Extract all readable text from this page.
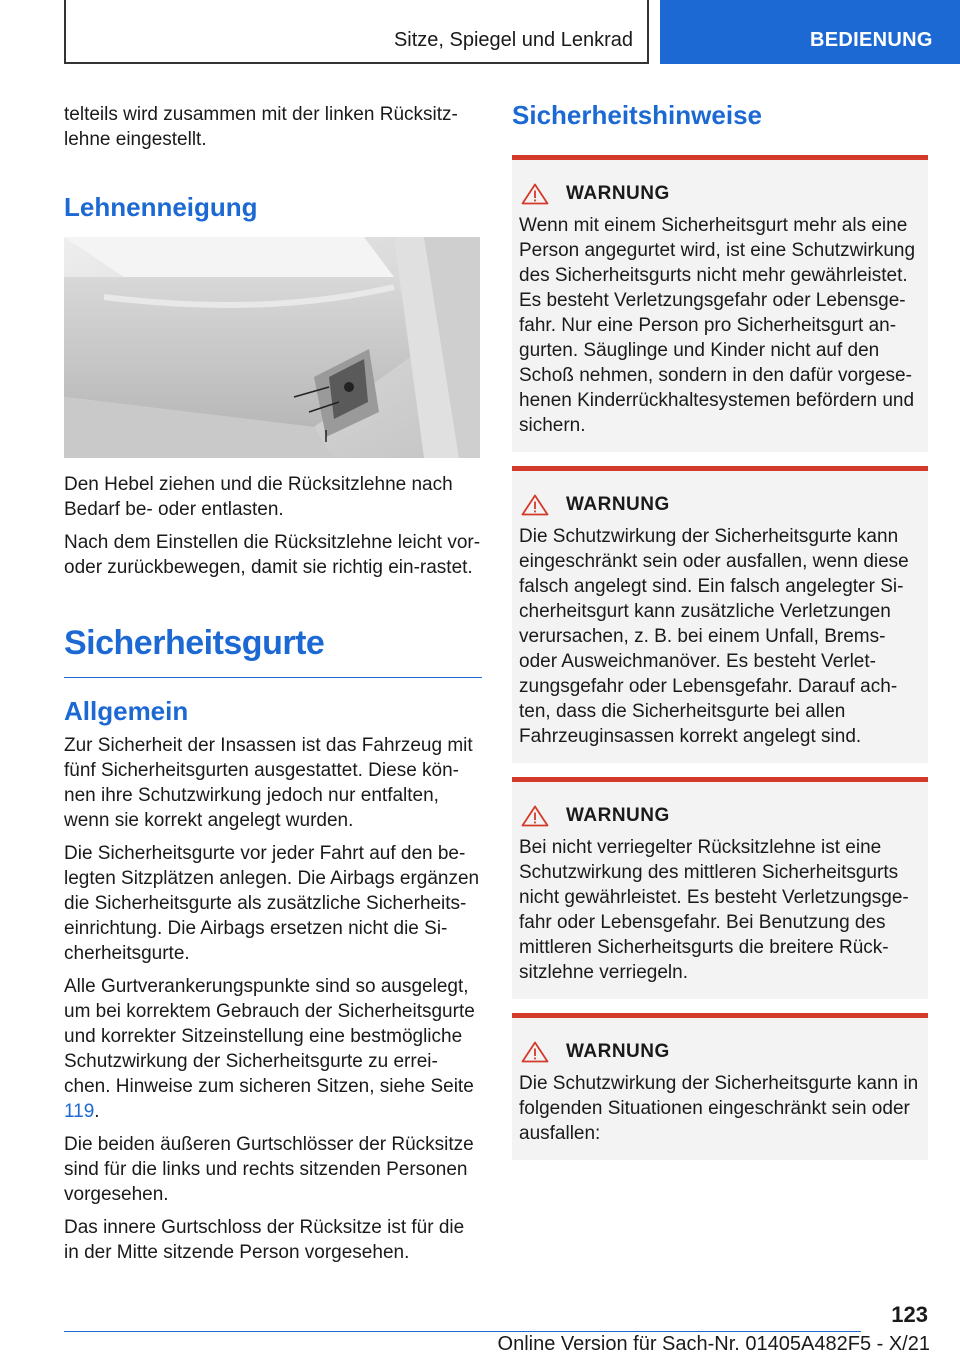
Sitze, Spiegel und Lenkrad	BEDIENUNG

telteils wird zusammen mit der linken Rücksitz-lehne eingestellt.

Lehnenneigung

Den Hebel ziehen und die Rücksitzlehne nach Bedarf be- oder entlasten.

Nach dem Einstellen die Rücksitzlehne leicht vor- oder zurückbewegen, damit sie richtig ein-rastet.

Sicherheitsgurte
Allgemein

Zur Sicherheit der Insassen ist das Fahrzeug mit fünf Sicherheitsgurten ausgestattet. Diese kön-nen ihre Schutzwirkung jedoch nur entfalten, wenn sie korrekt angelegt wurden.

Die Sicherheitsgurte vor jeder Fahrt auf den be-legten Sitzplätzen anlegen. Die Airbags ergänzen die Sicherheitsgurte als zusätzliche Sicherheits-einrichtung. Die Airbags ersetzen nicht die Si-cherheitsgurte.

Alle Gurtverankerungspunkte sind so ausgelegt, um bei korrektem Gebrauch der Sicherheitsgurte und korrekter Sitzeinstellung eine bestmögliche Schutzwirkung der Sicherheitsgurte zu errei-chen. Hinweise zum sicheren Sitzen, siehe Seite 119.

Die beiden äußeren Gurtschlösser der Rücksitze sind für die links und rechts sitzenden Personen vorgesehen.

Das innere Gurtschloss der Rücksitze ist für die in der Mitte sitzende Person vorgesehen.

Sicherheitshinweise
WARNUNG

Wenn mit einem Sicherheitsgurt mehr als eine Person angegurtet wird, ist eine Schutzwirkung des Sicherheitsgurts nicht mehr gewährleistet. Es besteht Verletzungsgefahr oder Lebensge-fahr. Nur eine Person pro Sicherheitsgurt an-gurten. Säuglinge und Kinder nicht auf den Schoß nehmen, sondern in den dafür vorgese-henen Kinderrückhaltesystemen befördern und sichern.

WARNUNG

Die Schutzwirkung der Sicherheitsgurte kann eingeschränkt sein oder ausfallen, wenn diese falsch angelegt sind. Ein falsch angelegter Si-cherheitsgurt kann zusätzliche Verletzungen verursachen, z. B. bei einem Unfall, Brems- oder Ausweichmanöver. Es besteht Verlet-zungsgefahr oder Lebensgefahr. Darauf ach-ten, dass die Sicherheitsgurte bei allen Fahrzeuginsassen korrekt angelegt sind.

WARNUNG

Bei nicht verriegelter Rücksitzlehne ist eine Schutzwirkung des mittleren Sicherheitsgurts nicht gewährleistet. Es besteht Verletzungsge-fahr oder Lebensgefahr. Bei Benutzung des mittleren Sicherheitsgurts die breitere Rück-sitzlehne verriegeln.

WARNUNG

Die Schutzwirkung der Sicherheitsgurte kann in folgenden Situationen eingeschränkt sein oder ausfallen:

123
Online Version für Sach-Nr. 01405A482F5 - X/21
